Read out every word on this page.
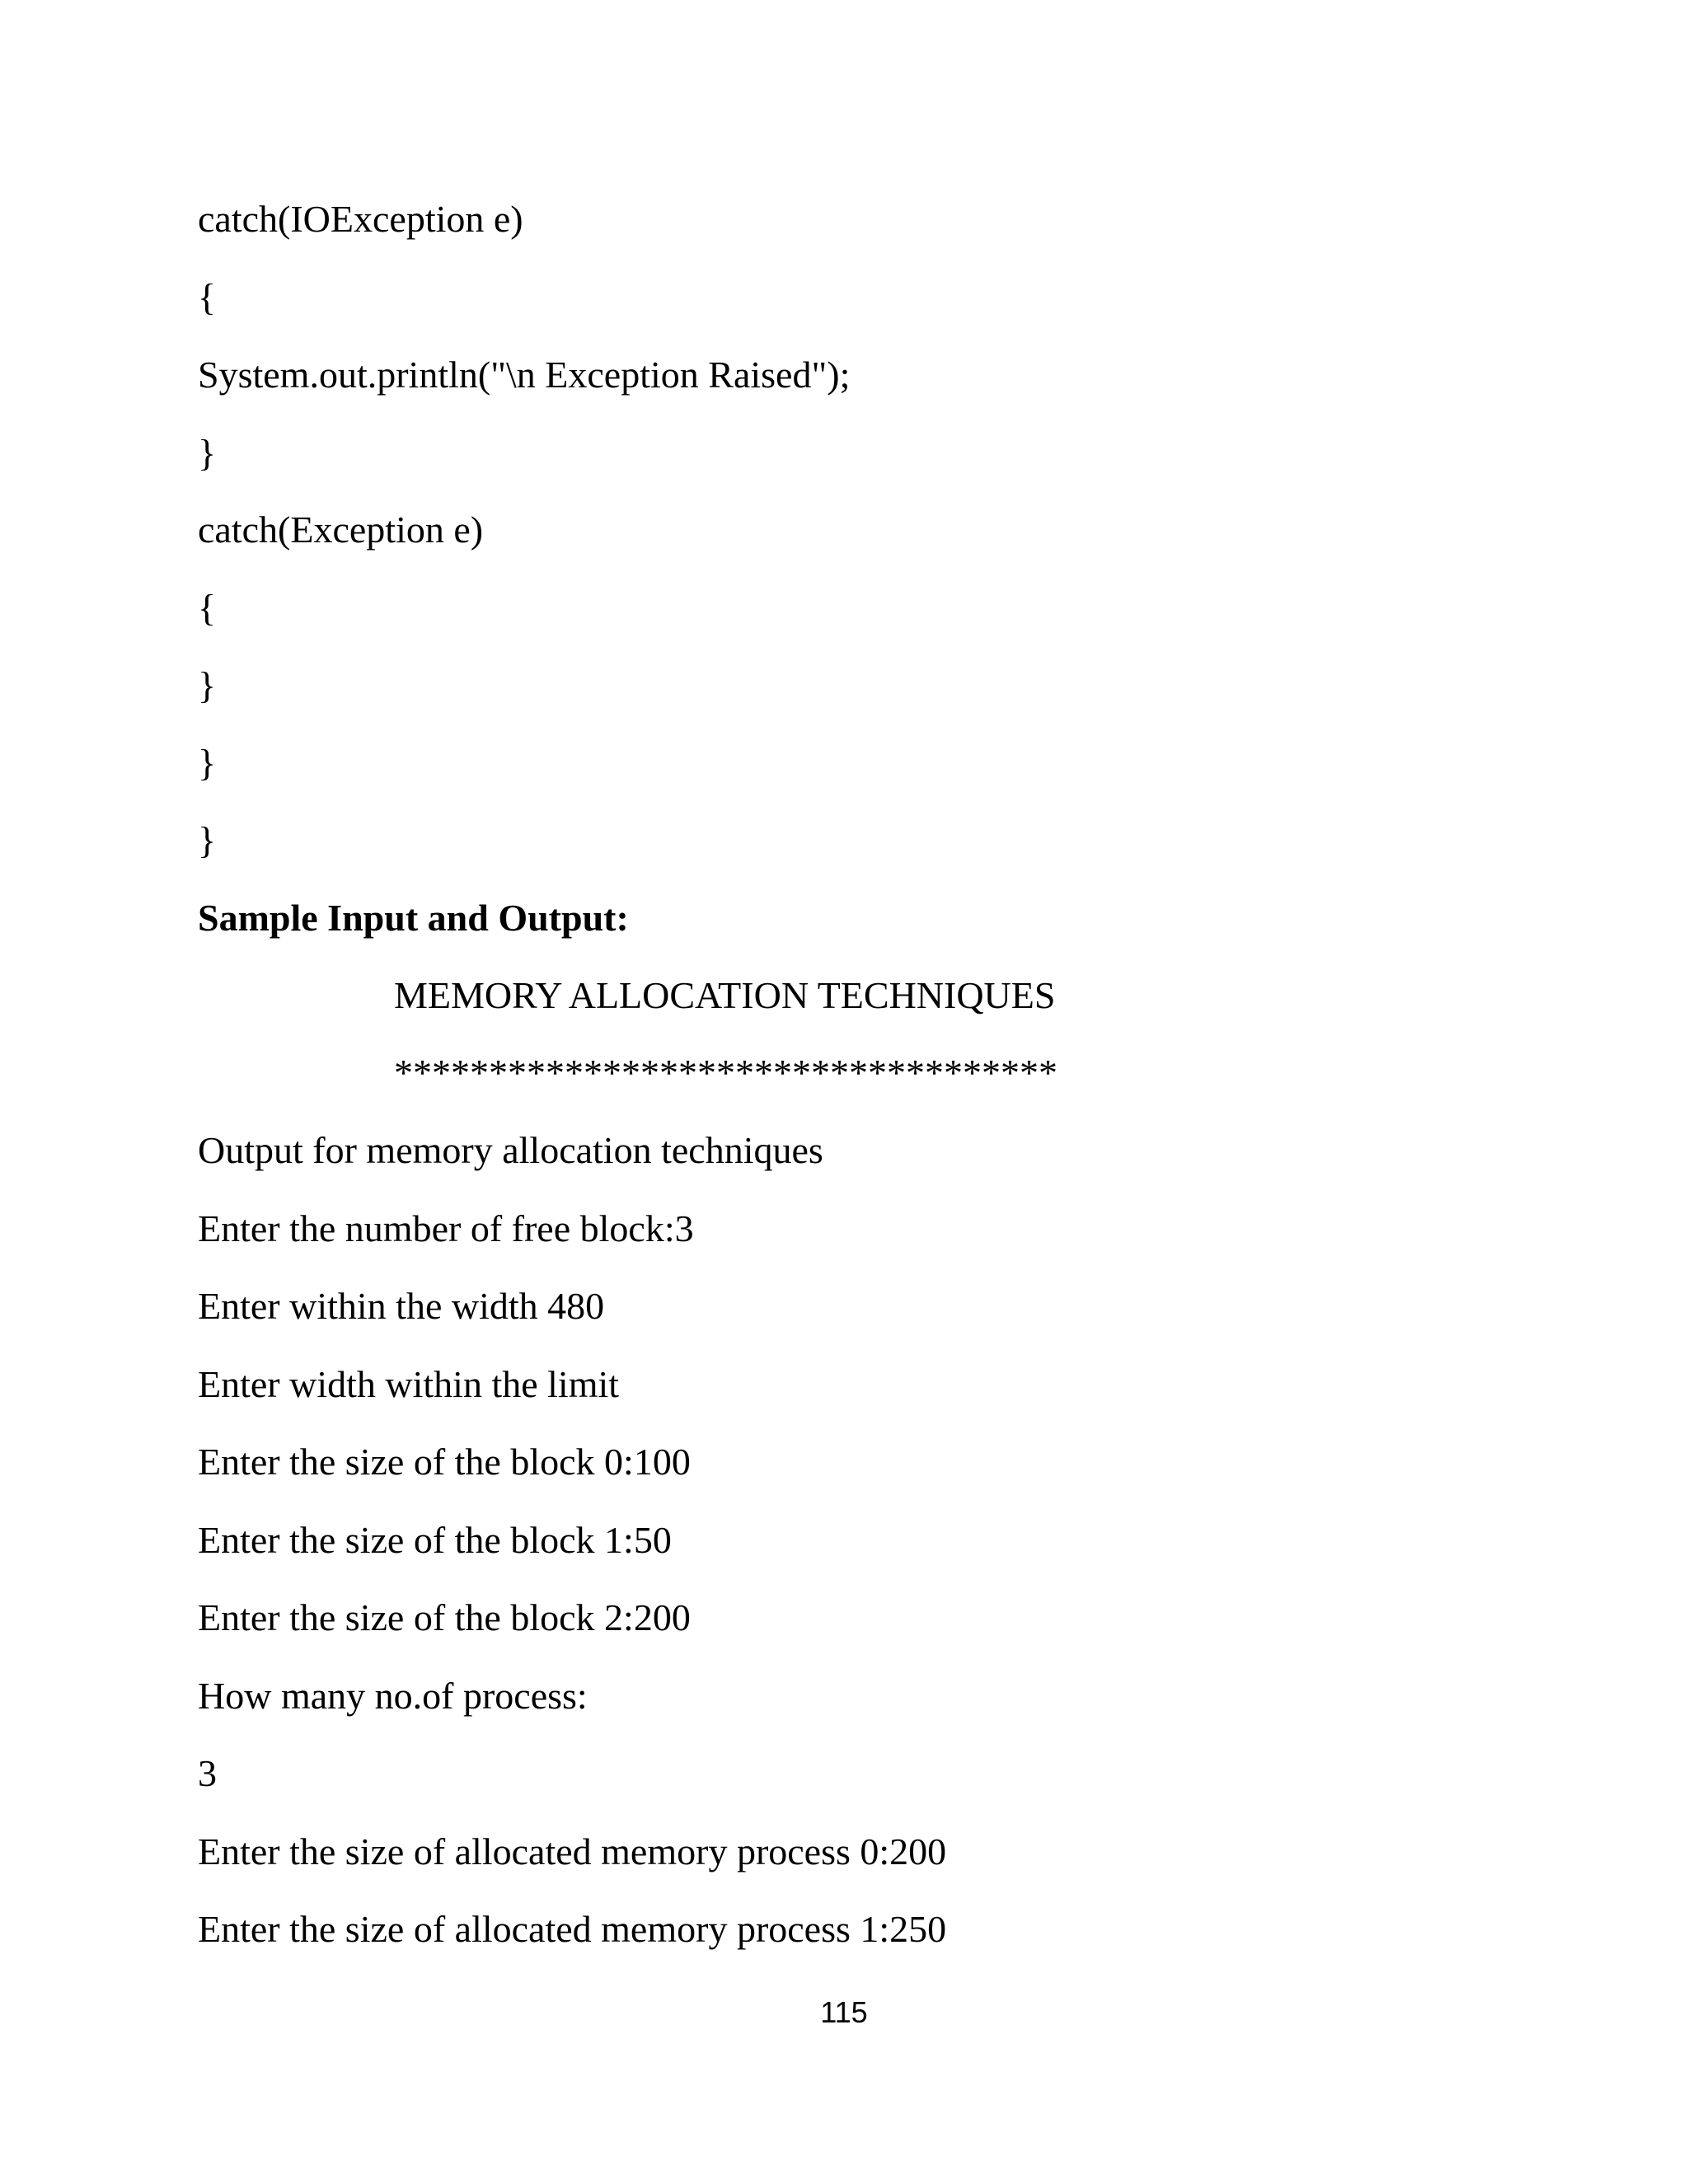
catch(IOException e)
{
System.out.println("\n Exception Raised");
}
catch(Exception e)
{
}
}
}
Sample Input and Output:
MEMORY ALLOCATION TECHNIQUES
***********************************
Output for memory allocation techniques
Enter the number of free block:3
Enter within the width 480
Enter width within the limit
Enter the size of the block 0:100
Enter the size of the block 1:50
Enter the size of the block 2:200
How many no.of process:
3
Enter the size of allocated memory process 0:200
Enter the size of allocated memory process 1:250
115
